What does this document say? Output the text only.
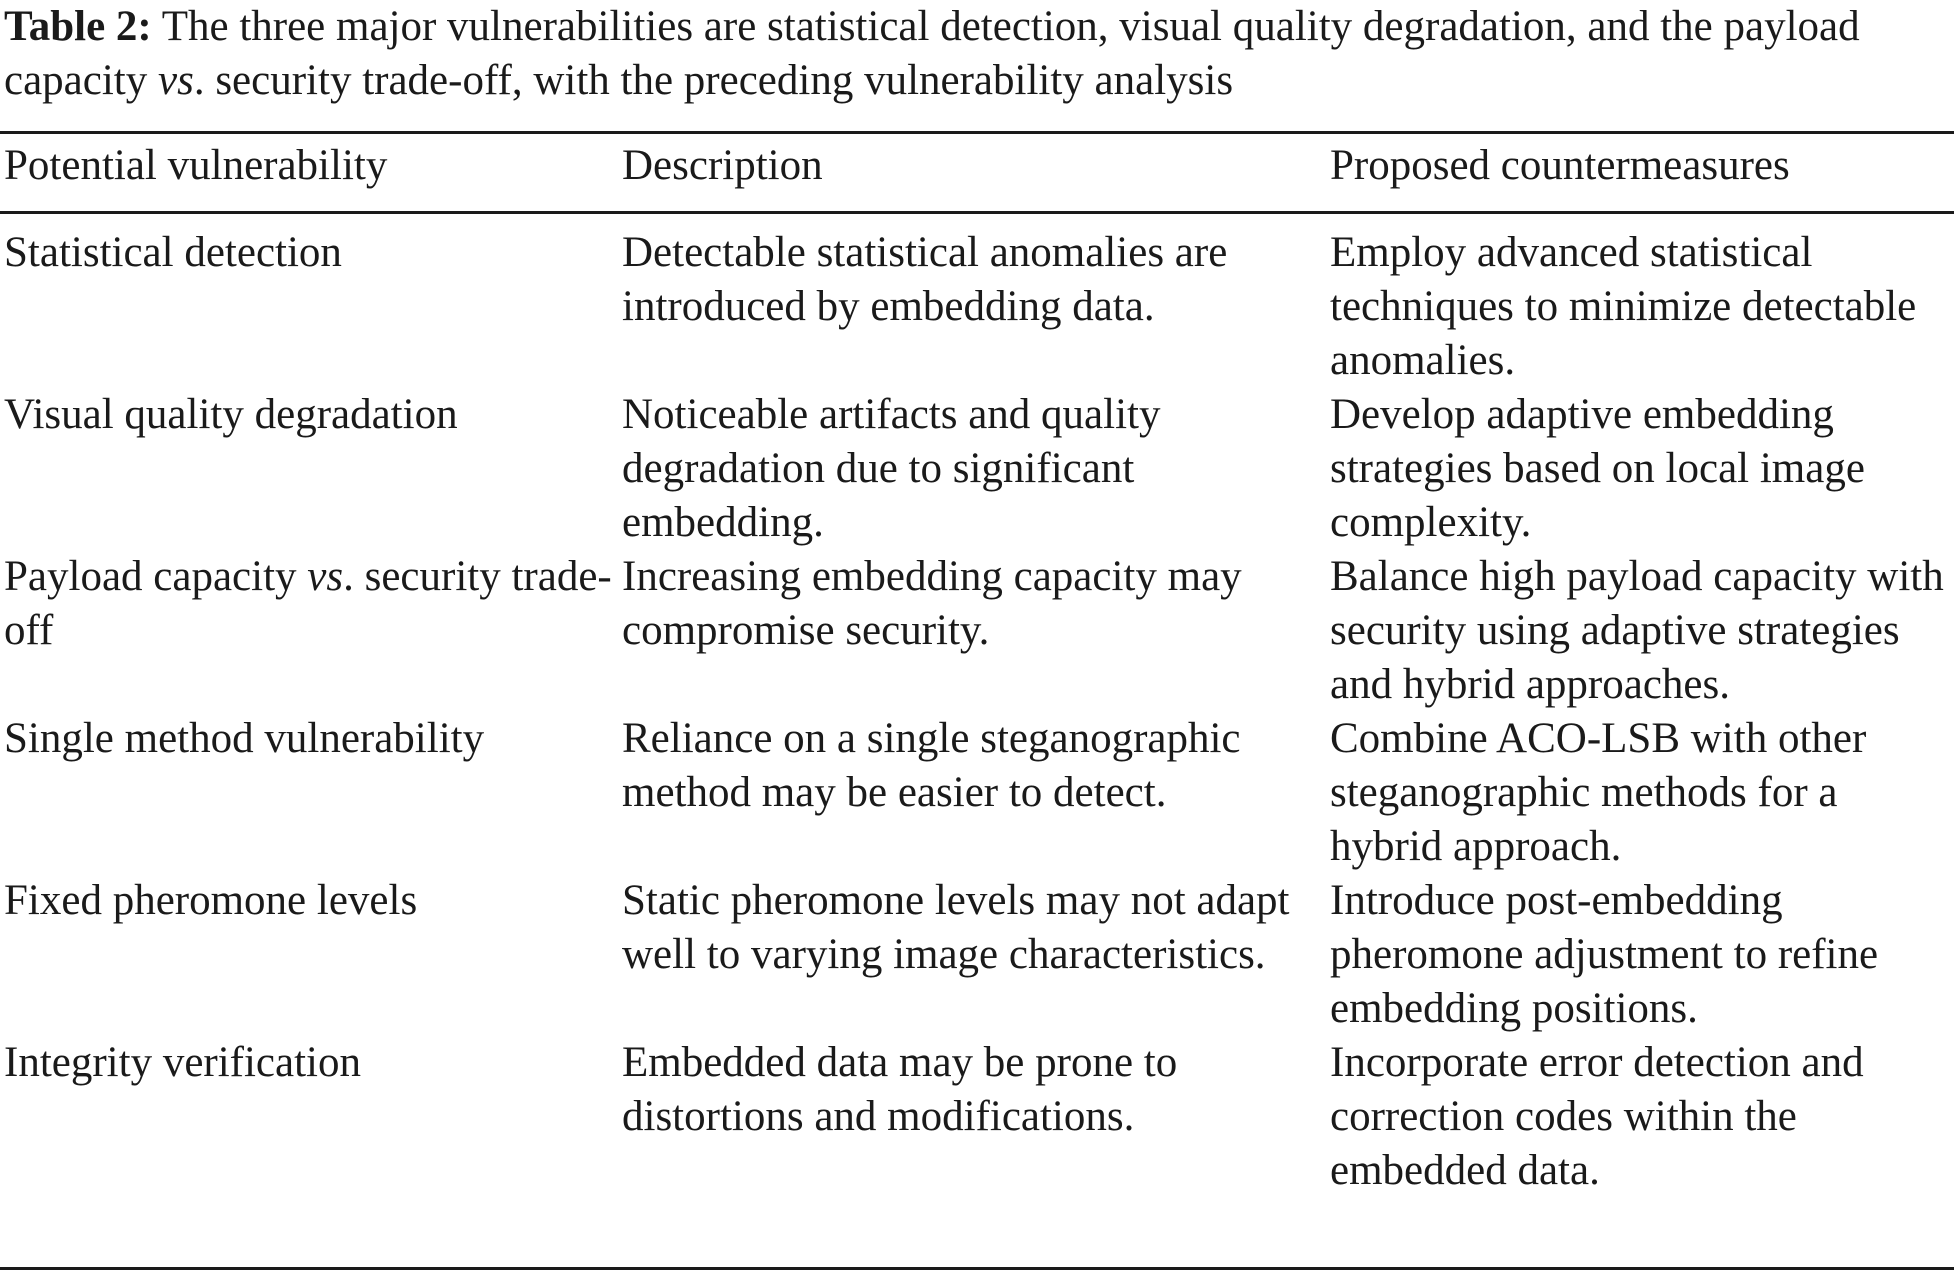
Table 2: The three major vulnerabilities are statistical detection, visual quality degradation, and the payload capacity vs. security trade-off, with the preceding vulnerability analysis

Potential vulnerability	Description	Proposed countermeasures
Statistical detection	Detectable statistical anomalies are introduced by embedding data.	Employ advanced statistical techniques to minimize detectable anomalies.
Visual quality degradation	Noticeable artifacts and quality degradation due to significant embedding.	Develop adaptive embedding strategies based on local image complexity.
Payload capacity vs. security trade-off	Increasing embedding capacity may compromise security.	Balance high payload capacity with security using adaptive strategies and hybrid approaches.
Single method vulnerability	Reliance on a single steganographic method may be easier to detect.	Combine ACO-LSB with other steganographic methods for a hybrid approach.
Fixed pheromone levels	Static pheromone levels may not adapt well to varying image characteristics.	Introduce post-embedding pheromone adjustment to refine embedding positions.
Integrity verification	Embedded data may be prone to distortions and modifications.	Incorporate error detection and correction codes within the embedded data.
